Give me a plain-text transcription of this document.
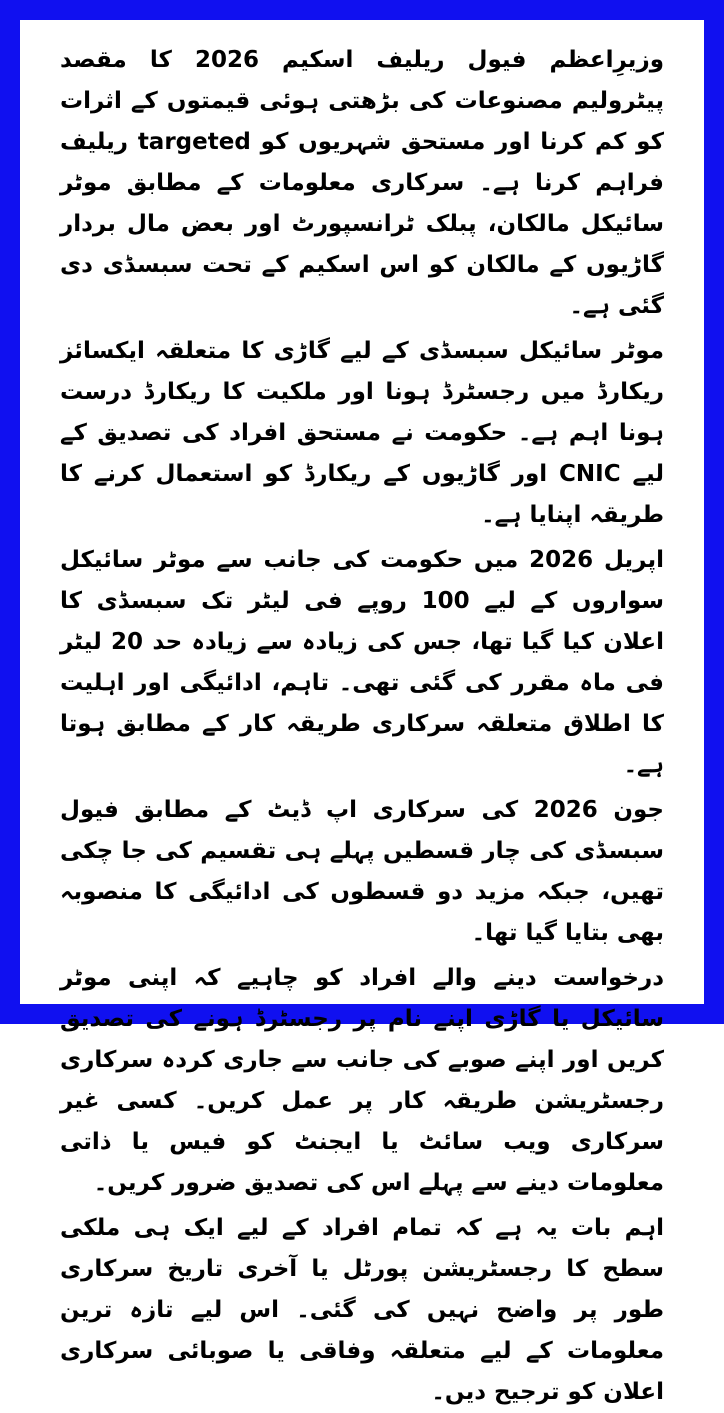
وزیرِاعظم فیول ریلیف اسکیم 2026 کا مقصد پیٹرولیم مصنوعات کی بڑھتی ہوئی قیمتوں کے اثرات کو کم کرنا اور مستحق شہریوں کو targeted ریلیف فراہم کرنا ہے۔ سرکاری معلومات کے مطابق موٹر سائیکل مالکان، پبلک ٹرانسپورٹ اور بعض مال بردار گاڑیوں کے مالکان کو اس اسکیم کے تحت سبسڈی دی گئی ہے۔

موٹر سائیکل سبسڈی کے لیے گاڑی کا متعلقہ ایکسائز ریکارڈ میں رجسٹرڈ ہونا اور ملکیت کا ریکارڈ درست ہونا اہم ہے۔ حکومت نے مستحق افراد کی تصدیق کے لیے CNIC اور گاڑیوں کے ریکارڈ کو استعمال کرنے کا طریقہ اپنایا ہے۔

اپریل 2026 میں حکومت کی جانب سے موٹر سائیکل سواروں کے لیے 100 روپے فی لیٹر تک سبسڈی کا اعلان کیا گیا تھا، جس کی زیادہ سے زیادہ حد 20 لیٹر فی ماہ مقرر کی گئی تھی۔ تاہم، ادائیگی اور اہلیت کا اطلاق متعلقہ سرکاری طریقہ کار کے مطابق ہوتا ہے۔

جون 2026 کی سرکاری اپ ڈیٹ کے مطابق فیول سبسڈی کی چار قسطیں پہلے ہی تقسیم کی جا چکی تھیں، جبکہ مزید دو قسطوں کی ادائیگی کا منصوبہ بھی بتایا گیا تھا۔

درخواست دینے والے افراد کو چاہیے کہ اپنی موٹر سائیکل یا گاڑی اپنے نام پر رجسٹرڈ ہونے کی تصدیق کریں اور اپنے صوبے کی جانب سے جاری کردہ سرکاری رجسٹریشن طریقہ کار پر عمل کریں۔ کسی غیر سرکاری ویب سائٹ یا ایجنٹ کو فیس یا ذاتی معلومات دینے سے پہلے اس کی تصدیق ضرور کریں۔

اہم بات یہ ہے کہ تمام افراد کے لیے ایک ہی ملکی سطح کا رجسٹریشن پورٹل یا آخری تاریخ سرکاری طور پر واضح نہیں کی گئی۔ اس لیے تازہ ترین معلومات کے لیے متعلقہ وفاقی یا صوبائی سرکاری اعلان کو ترجیح دیں۔
